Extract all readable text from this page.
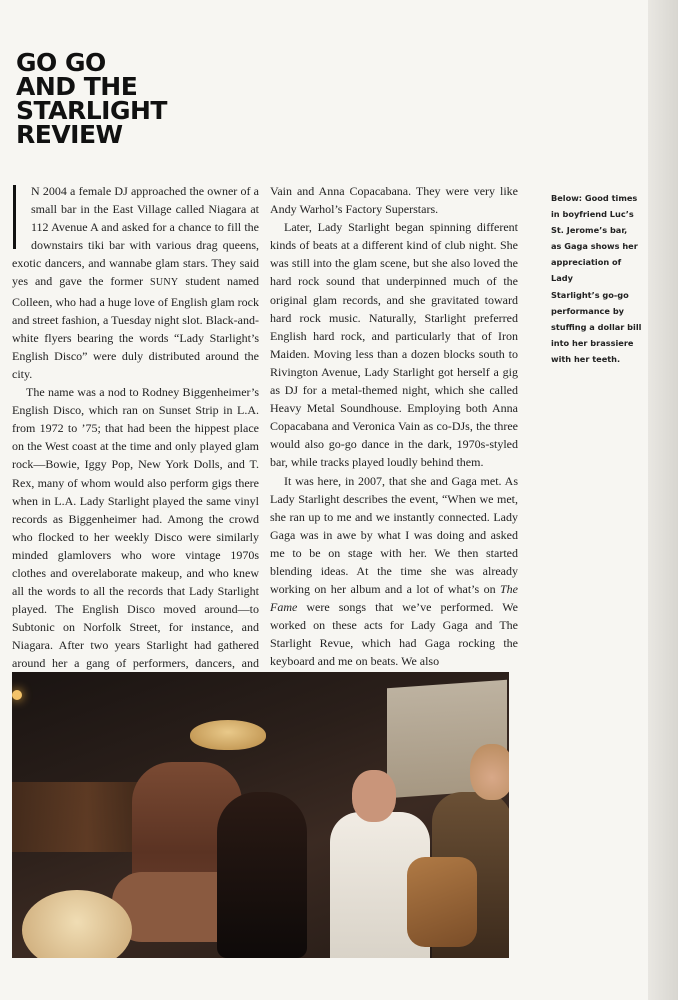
GO GO
AND THE
STARLIGHT
REVIEW

N 2004 a female DJ approached the owner of a small bar in the East Village called Niagara at 112 Avenue A and asked for a chance to fill the downstairs tiki bar with various drag queens, exotic dancers, and wannabe glam stars. They said yes and gave the former SUNY student named Colleen, who had a huge love of English glam rock and street fashion, a Tuesday night slot. Black-and-white flyers bearing the words “Lady Starlight’s English Disco” were duly distributed around the city.

The name was a nod to Rodney Biggenheimer’s English Disco, which ran on Sunset Strip in L.A. from 1972 to ’75; that had been the hippest place on the West coast at the time and only played glam rock—Bowie, Iggy Pop, New York Dolls, and T. Rex, many of whom would also perform gigs there when in L.A. Lady Starlight played the same vinyl records as Biggenheimer had. Among the crowd who flocked to her weekly Disco were similarly minded glamlovers who wore vintage 1970s clothes and overelaborate makeup, and who knew all the words to all the records that Lady Starlight played. The English Disco moved around—to Subtonic on Norfolk Street, for instance, and Niagara. After two years Starlight had gathered around her a gang of performers, dancers, and

Vain and Anna Copacabana. They were very like Andy Warhol’s Factory Superstars.

Later, Lady Starlight began spinning different kinds of beats at a different kind of club night. She was still into the glam scene, but she also loved the hard rock sound that underpinned much of the original glam records, and she gravitated toward hard rock music. Naturally, Starlight preferred English hard rock, and particularly that of Iron Maiden. Moving less than a dozen blocks south to Rivington Avenue, Lady Starlight got herself a gig as DJ for a metal-themed night, which she called Heavy Metal Soundhouse. Employing both Anna Copacabana and Veronica Vain as co-DJs, the three would also go-go dance in the dark, 1970s-styled bar, while tracks played loudly behind them.

It was here, in 2007, that she and Gaga met. As Lady Starlight describes the event, “When we met, she ran up to me and we instantly connected. Lady Gaga was in awe by what I was doing and asked me to be on stage with her. We then started blending ideas. At the time she was already working on her album and a lot of what’s on The Fame were songs that we’ve performed. We worked on these acts for Lady Gaga and The Starlight Revue, which had Gaga rocking the keyboard and me on beats. We also

Below: Good times
in boyfriend Luc’s
St. Jerome’s bar,
as Gaga shows her
appreciation of Lady
Starlight’s go-go
performance by
stuffing a dollar bill
into her brassiere
with her teeth.
